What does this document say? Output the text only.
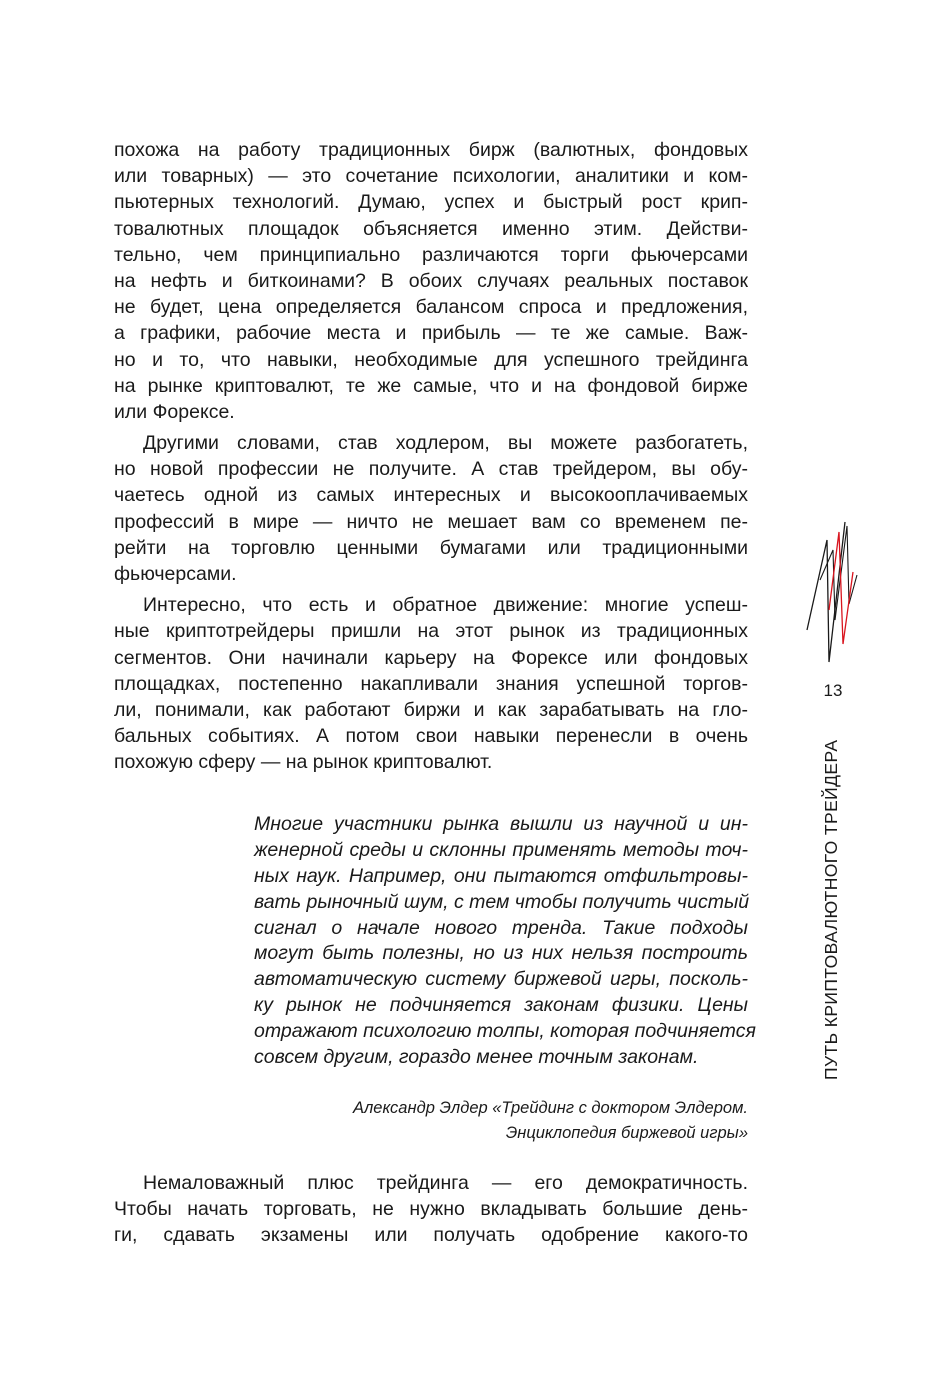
похожа на работу традиционных бирж (валютных, фондовых
или товарных) — это сочетание психологии, аналитики и ком-
пьютерных технологий. Думаю, успех и быстрый рост крип-
товалютных площадок объясняется именно этим. Действи-
тельно, чем принципиально различаются торги фьючерсами
на нефть и биткоинами? В обоих случаях реальных поставок
не будет, цена определяется балансом спроса и предложения,
а графики, рабочие места и прибыль — те же самые. Важ-
но и то, что навыки, необходимые для успешного трейдинга
на рынке криптовалют, те же самые, что и на фондовой бирже
или Форексе.

Другими словами, став ходлером, вы можете разбогатеть,
но новой профессии не получите. А став трейдером, вы обу-
чаетесь одной из самых интересных и высокооплачиваемых
профессий в мире — ничто не мешает вам со временем пе-
рейти на торговлю ценными бумагами или традиционными
фьючерсами.

Интересно, что есть и обратное движение: многие успеш-
ные криптотрейдеры пришли на этот рынок из традиционных
сегментов. Они начинали карьеру на Форексе или фондовых
площадках, постепенно накапливали знания успешной торгов-
ли, понимали, как работают биржи и как зарабатывать на гло-
бальных событиях. А потом свои навыки перенесли в очень
похожую сферу — на рынок криптовалют.

Многие участники рынка вышли из научной и ин-
женерной среды и склонны применять методы точ-
ных наук. Например, они пытаются отфильтровы-
вать рыночный шум, с тем чтобы получить чистый
сигнал о начале нового тренда. Такие подходы
могут быть полезны, но из них нельзя построить
автоматическую систему биржевой игры, посколь-
ку рынок не подчиняется законам физики. Цены
отражают психологию толпы, которая подчиняется
совсем другим, гораздо менее точным законам.
Александр Элдер «Трейдинг с доктором Элдером.
Энциклопедия биржевой игры»

Немаловажный плюс трейдинга — его демократичность.
Чтобы начать торговать, не нужно вкладывать большие день-
ги, сдавать экзамены или получать одобрение какого-то

13
ПУТЬ КРИПТОВАЛЮТНОГО ТРЕЙДЕРА
